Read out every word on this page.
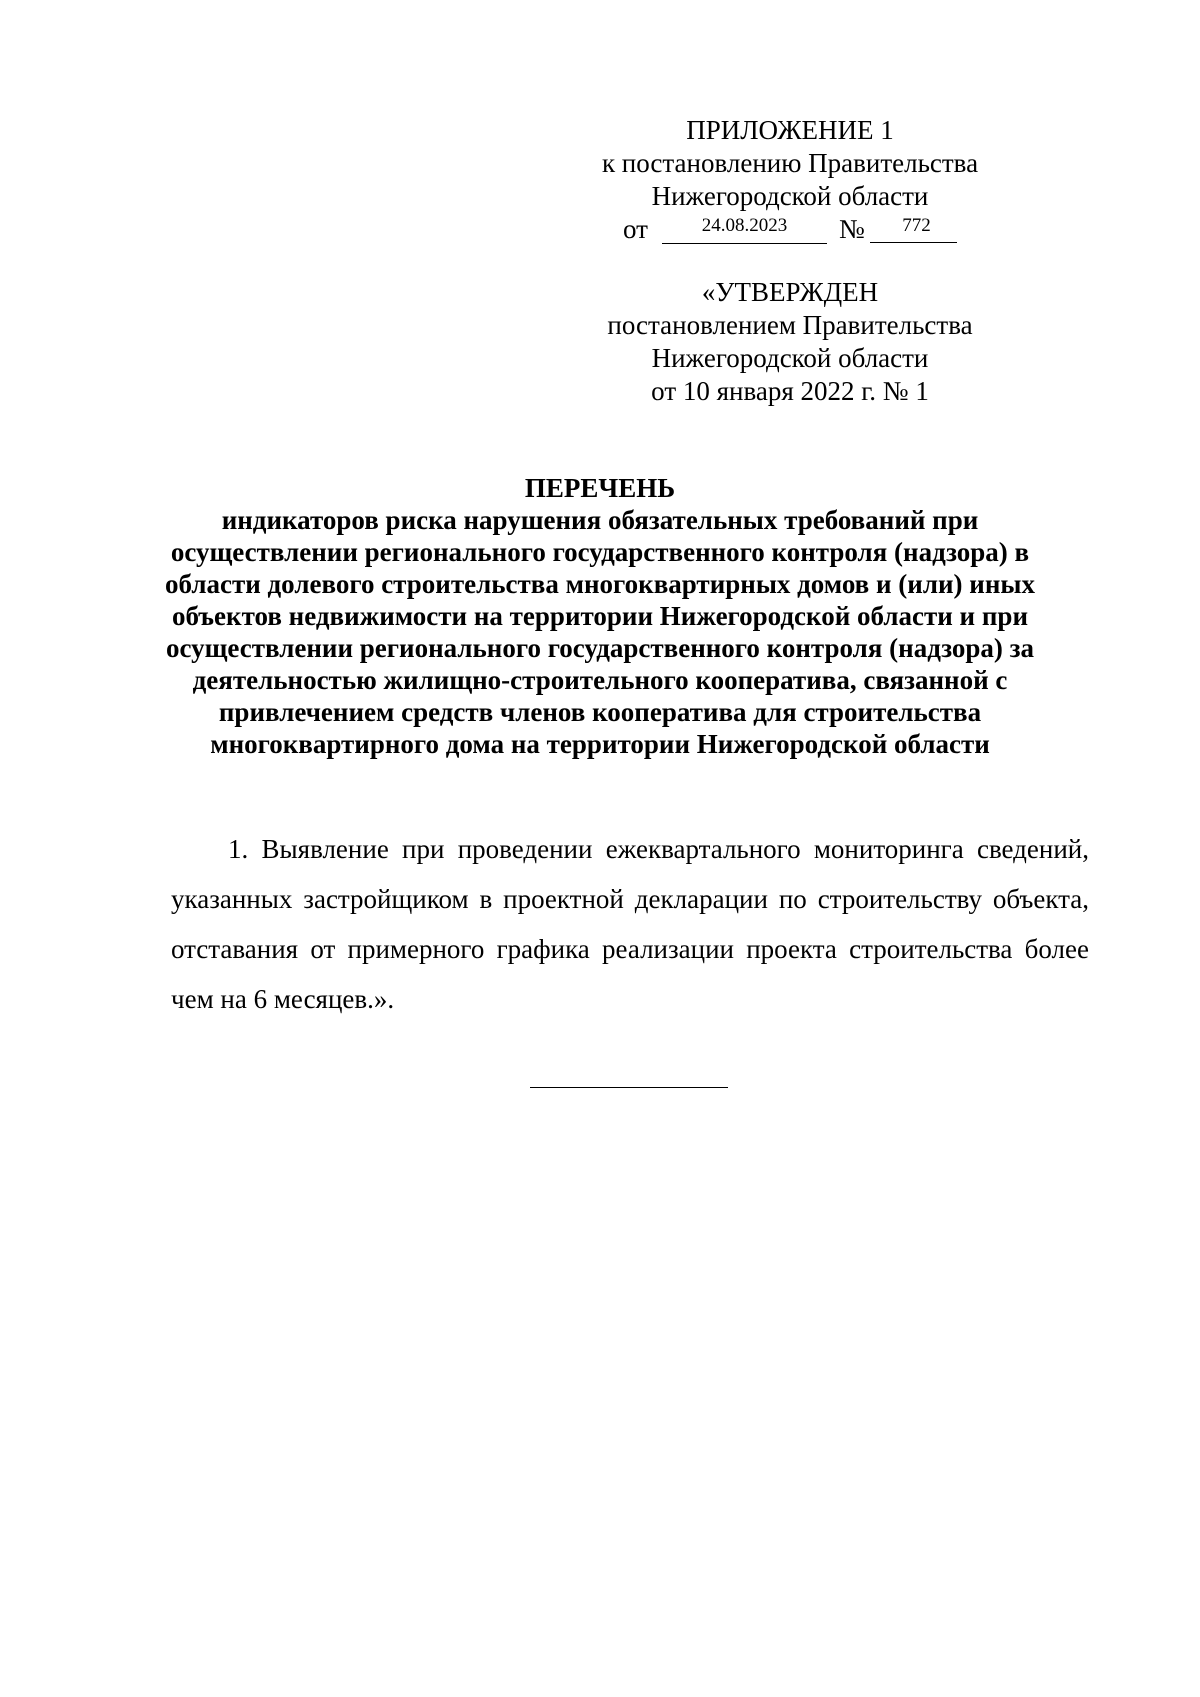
ПРИЛОЖЕНИЕ 1
к постановлению Правительства
Нижегородской области
от	24.08.2023	№	772
«УТВЕРЖДЕН
постановлением Правительства
Нижегородской области
от 10 января 2022 г. № 1
ПЕРЕЧЕНЬ
индикаторов риска нарушения обязательных требований при осуществлении регионального государственного контроля (надзора) в области долевого строительства многоквартирных домов и (или) иных объектов недвижимости на территории Нижегородской области и при осуществлении регионального государственного контроля (надзора) за деятельностью жилищно-строительного кооператива, связанной с привлечением средств членов кооператива для строительства многоквартирного дома на территории Нижегородской области
1. Выявление при проведении ежеквартального мониторинга сведений, указанных застройщиком в проектной декларации по строительству объекта, отставания от примерного графика реализации проекта строительства более чем на 6 месяцев.».
